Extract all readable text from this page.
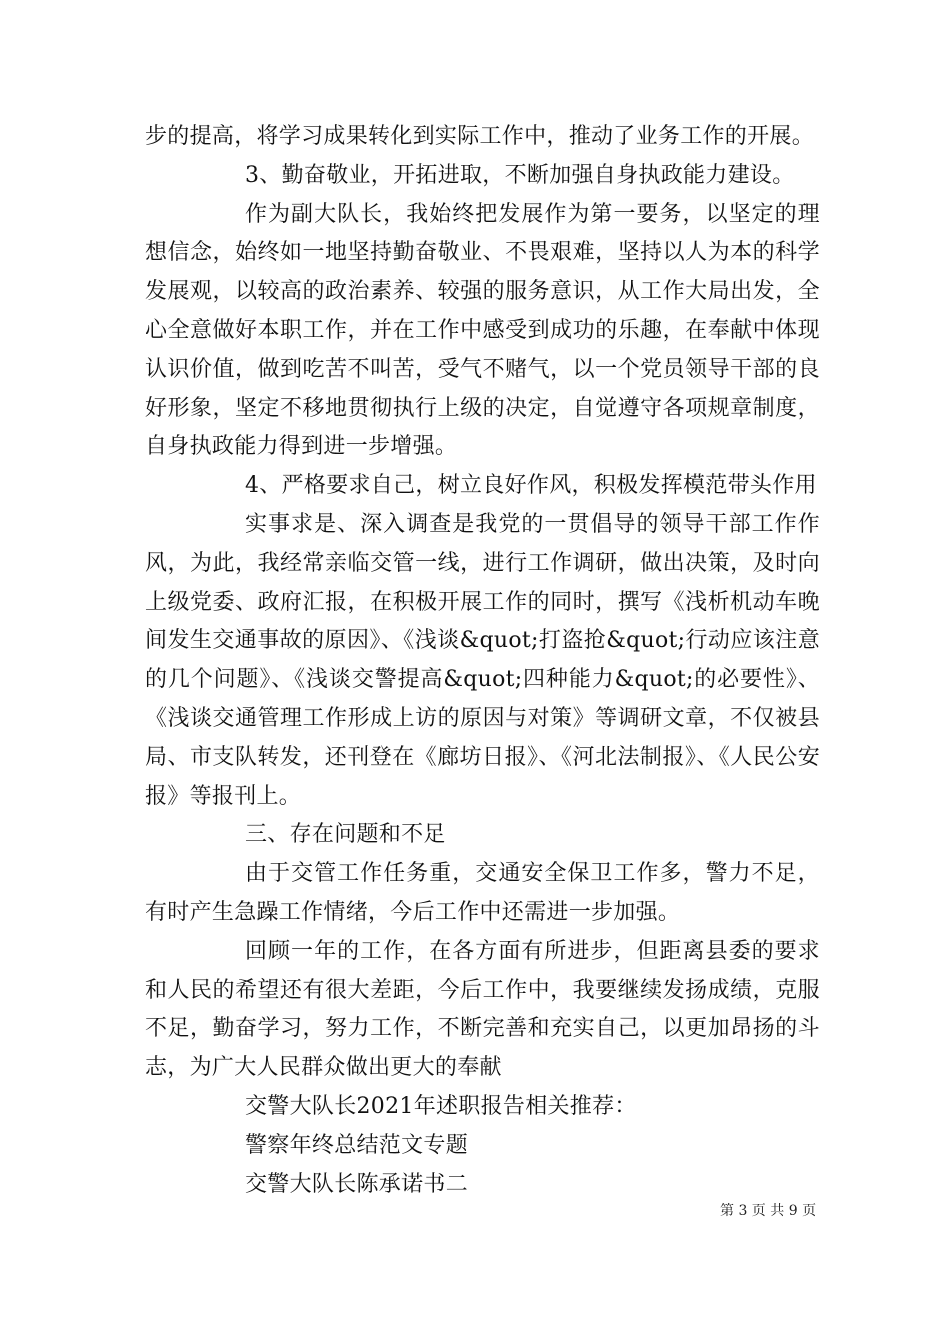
步的提高，将学习成果转化到实际工作中，推动了业务工作的开展。

3、勤奋敬业，开拓进取，不断加强自身执政能力建设。

作为副大队长，我始终把发展作为第一要务，以坚定的理想信念，始终如一地坚持勤奋敬业、不畏艰难，坚持以人为本的科学发展观，以较高的政治素养、较强的服务意识，从工作大局出发，全心全意做好本职工作，并在工作中感受到成功的乐趣，在奉献中体现认识价值，做到吃苦不叫苦，受气不赌气，以一个党员领导干部的良好形象，坚定不移地贯彻执行上级的决定，自觉遵守各项规章制度，自身执政能力得到进一步增强。

4、严格要求自己，树立良好作风，积极发挥模范带头作用

实事求是、深入调查是我党的一贯倡导的领导干部工作作风，为此，我经常亲临交管一线，进行工作调研，做出决策，及时向上级党委、政府汇报，在积极开展工作的同时，撰写《浅析机动车晚间发生交通事故的原因》、《浅谈&quot;打盗抢&quot;行动应该注意的几个问题》、《浅谈交警提高&quot;四种能力&quot;的必要性》、《浅谈交通管理工作形成上访的原因与对策》等调研文章，不仅被县局、市支队转发，还刊登在《廊坊日报》、《河北法制报》、《人民公安报》等报刊上。

三、存在问题和不足

由于交管工作任务重，交通安全保卫工作多，警力不足，有时产生急躁工作情绪，今后工作中还需进一步加强。

回顾一年的工作，在各方面有所进步，但距离县委的要求和人民的希望还有很大差距，今后工作中，我要继续发扬成绩，克服不足，勤奋学习，努力工作，不断完善和充实自己，以更加昂扬的斗志，为广大人民群众做出更大的奉献

交警大队长2021年述职报告相关推荐：

警察年终总结范文专题

交警大队长陈承诺书二

第 3 页 共 9 页
